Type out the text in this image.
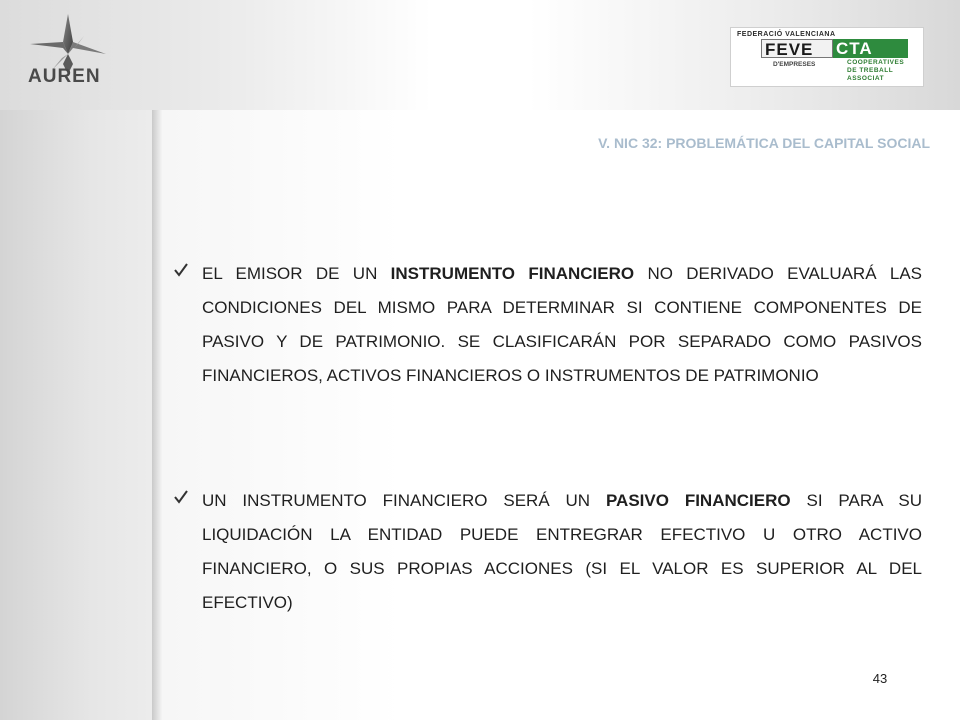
AUREN
FEDERACIÓ VALENCIANA
FEVE	CTA
D'EMPRESES	COOPERATIVES
DE TREBALL
ASSOCIAT
V. NIC 32: PROBLEMÁTICA DEL CAPITAL SOCIAL
EL EMISOR DE UN INSTRUMENTO FINANCIERO NO DERIVADO EVALUARÁ LAS CONDICIONES DEL MISMO PARA DETERMINAR SI CONTIENE COMPONENTES DE PASIVO Y DE PATRIMONIO. SE CLASIFICARÁN POR SEPARADO COMO PASIVOS FINANCIEROS, ACTIVOS FINANCIEROS O INSTRUMENTOS DE PATRIMONIO
UN INSTRUMENTO FINANCIERO SERÁ UN PASIVO FINANCIERO SI PARA SU LIQUIDACIÓN LA ENTIDAD PUEDE ENTREGRAR EFECTIVO U OTRO ACTIVO FINANCIERO, O SUS PROPIAS ACCIONES (SI EL VALOR ES SUPERIOR AL DEL EFECTIVO)
43
